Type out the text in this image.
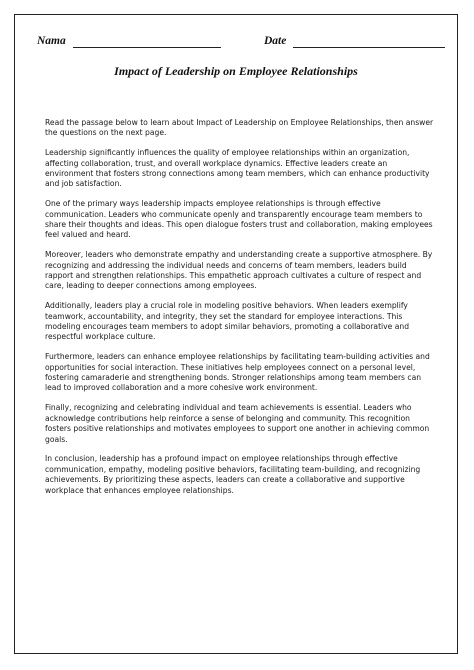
Nama	Date
Impact of Leadership on Employee Relationships

Read the passage below to learn about Impact of Leadership on Employee Relationships, then answer the questions on the next page.

Leadership significantly influences the quality of employee relationships within an organization, affecting collaboration, trust, and overall workplace dynamics. Effective leaders create an environment that fosters strong connections among team members, which can enhance productivity and job satisfaction.

One of the primary ways leadership impacts employee relationships is through effective communication. Leaders who communicate openly and transparently encourage team members to share their thoughts and ideas. This open dialogue fosters trust and collaboration, making employees feel valued and heard.

Moreover, leaders who demonstrate empathy and understanding create a supportive atmosphere. By recognizing and addressing the individual needs and concerns of team members, leaders build rapport and strengthen relationships. This empathetic approach cultivates a culture of respect and care, leading to deeper connections among employees.

Additionally, leaders play a crucial role in modeling positive behaviors. When leaders exemplify teamwork, accountability, and integrity, they set the standard for employee interactions. This modeling encourages team members to adopt similar behaviors, promoting a collaborative and respectful workplace culture.

Furthermore, leaders can enhance employee relationships by facilitating team-building activities and opportunities for social interaction. These initiatives help employees connect on a personal level, fostering camaraderie and strengthening bonds. Stronger relationships among team members can lead to improved collaboration and a more cohesive work environment.

Finally, recognizing and celebrating individual and team achievements is essential. Leaders who acknowledge contributions help reinforce a sense of belonging and community. This recognition fosters positive relationships and motivates employees to support one another in achieving common goals.

In conclusion, leadership has a profound impact on employee relationships through effective communication, empathy, modeling positive behaviors, facilitating team-building, and recognizing achievements. By prioritizing these aspects, leaders can create a collaborative and supportive workplace that enhances employee relationships.
